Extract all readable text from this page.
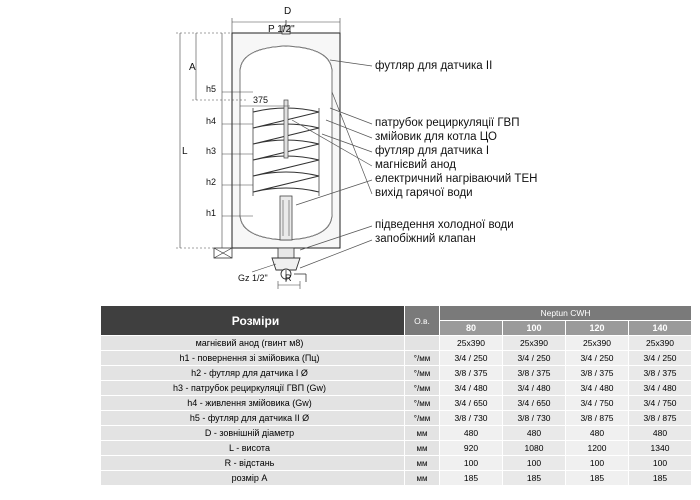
D
P 1/2"
A
h5
h4
h3
h2
h1
L
375
Gz 1/2" R
футляр для датчика II
патрубок рециркуляції ГВП
змійовик для котла ЦО
футляр для датчика I
магнієвий анод
електричний нагріваючий ТЕН
вихід гарячої води
підведення холодної води
запобіжний клапан
Розміри	О.в.	Neptun CWH			
		80	100	120	140
магнієвий анод (гвинт м8)		25x390	25x390	25x390	25x390
h1 - повернення зі змійовика (Пц)	°/мм	3/4 / 250	3/4 / 250	3/4 / 250	3/4 / 250
h2 - футляр для датчика I Ø	°/мм	3/8 / 375	3/8 / 375	3/8 / 375	3/8 / 375
h3 - патрубок рециркуляції ГВП (Gw)	°/мм	3/4 / 480	3/4 / 480	3/4 / 480	3/4 / 480
h4 - живлення змійовика (Gw)	°/мм	3/4 / 650	3/4 / 650	3/4 / 750	3/4 / 750
h5 - футляр для датчика II Ø	°/мм	3/8 / 730	3/8 / 730	3/8 / 875	3/8 / 875
D - зовнішній діаметр	мм	480	480	480	480
L - висота	мм	920	1080	1200	1340
R - відстань	мм	100	100	100	100
розмір A	мм	185	185	185	185
